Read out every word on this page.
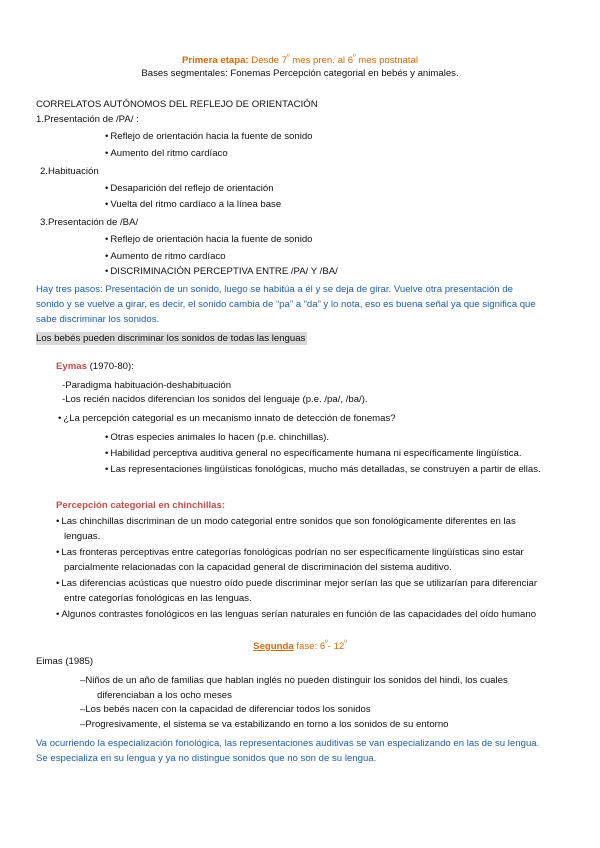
Primera etapa: Desde $7^º$ mes pren. al $6^º$ mes postnatal
Bases segmentales: Fonemas Percepción categorial en bebés y animales.
CORRELATOS AUTÓNOMOS DEL REFLEJO DE ORIENTACIÓN
1.Presentación de /PA/ :
• Reflejo de orientación hacia la fuente de sonido
• Aumento del ritmo cardíaco
2.Habituación
• Desaparición del reflejo de orientación
• Vuelta del ritmo cardíaco a la línea base
3.Presentación de /BA/
• Reflejo de orientación hacia la fuente de sonido
• Aumento de ritmo cardíaco
• DISCRIMINACIÓN PERCEPTIVA ENTRE /PA/ Y /BA/
Hay tres pasos: Presentación de un sonido, luego se habitúa a él y se deja de girar. Vuelve otra presentación de
sonido y se vuelve a girar, es decir, el sonido cambia de “pa” a “da” y lo nota, eso es buena señal ya que significa que
sabe discriminar los sonidos.
Los bebés pueden discriminar los sonidos de todas las lenguas
Eymas (1970-80):
-Paradigma habituación-deshabituación
-Los recién nacidos diferencian los sonidos del lenguaje (p.e. /pa/, /ba/).
• ¿La percepción categorial es un mecanismo innato de detección de fonemas?
• Otras especies animales lo hacen (p.e. chinchillas).
• Habilidad perceptiva auditiva general no específicamente humana ni específicamente lingüística.
• Las representaciones lingüísticas fonológicas, mucho más detalladas, se construyen a partir de ellas.
Percepción categorial en chinchillas:
• Las chinchillas discriminan de un modo categorial entre sonidos que son fonológicamente diferentes en las
lenguas.
• Las fronteras perceptivas entre categorías fonológicas podrían no ser específicamente lingüísticas sino estar
parcialmente relacionadas con la capacidad general de discriminación del sistema auditivo.
• Las diferencias acústicas que nuestro oído puede discriminar mejor serían las que se utilizarían para diferenciar
entre categorías fonológicas en las lenguas.
• Algunos contrastes fonológicos en las lenguas serían naturales en función de las capacidades del oído humano
Segunda fase: $6^º-$ $12^º$
Eimas (1985)
–Niños de un año de familias que hablan inglés no pueden distinguir los sonidos del hindi, los cuales
diferenciaban a los ocho meses
–Los bebés nacen con la capacidad de diferenciar todos los sonidos
–Progresivamente, el sistema se va estabilizando en torno a los sonidos de su entorno
Va ocurriendo la especialización fonológica, las representaciones auditivas se van especializando en las de su lengua.
Se especializa en su lengua y ya no distingue sonidos que no son de su lengua.
